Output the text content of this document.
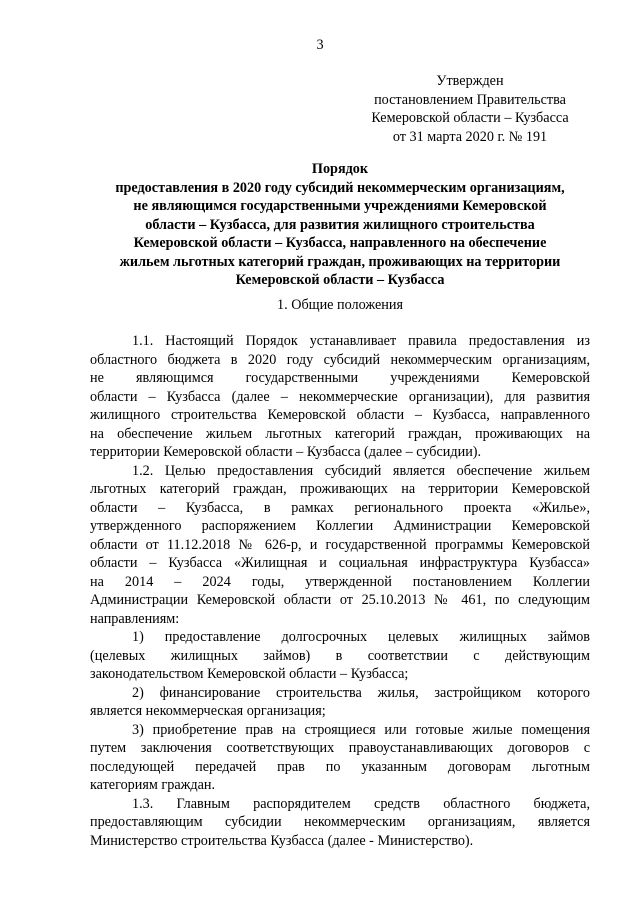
3
Утвержден
постановлением Правительства
Кемеровской области – Кузбасса
от 31 марта 2020 г. № 191
Порядок
предоставления в 2020 году субсидий некоммерческим организациям,
не являющимся государственными учреждениями Кемеровской
области – Кузбасса, для развития жилищного строительства
Кемеровской области – Кузбасса, направленного на обеспечение
жильем льготных категорий граждан, проживающих на территории
Кемеровской области – Кузбасса
1. Общие положения
1.1. Настоящий Порядок устанавливает правила предоставления из
областного бюджета в 2020 году субсидий некоммерческим организациям,
не являющимся государственными учреждениями Кемеровской
области – Кузбасса (далее – некоммерческие организации), для развития
жилищного строительства Кемеровской области – Кузбасса, направленного
на обеспечение жильем льготных категорий граждан, проживающих на
территории Кемеровской области – Кузбасса (далее – субсидии).
1.2. Целью предоставления субсидий является обеспечение жильем
льготных категорий граждан, проживающих на территории Кемеровской
области – Кузбасса, в рамках регионального проекта «Жилье»,
утвержденного распоряжением Коллегии Администрации Кемеровской
области от 11.12.2018 № 626-р, и государственной программы Кемеровской
области – Кузбасса «Жилищная и социальная инфраструктура Кузбасса»
на 2014 – 2024 годы, утвержденной постановлением Коллегии
Администрации Кемеровской области от 25.10.2013 № 461, по следующим
направлениям:
1) предоставление долгосрочных целевых жилищных займов
(целевых жилищных займов) в соответствии с действующим
законодательством Кемеровской области – Кузбасса;
2) финансирование строительства жилья, застройщиком которого
является некоммерческая организация;
3) приобретение прав на строящиеся или готовые жилые помещения
путем заключения соответствующих правоустанавливающих договоров с
последующей передачей прав по указанным договорам льготным
категориям граждан.
1.3. Главным распорядителем средств областного бюджета,
предоставляющим субсидии некоммерческим организациям, является
Министерство строительства Кузбасса (далее - Министерство).
